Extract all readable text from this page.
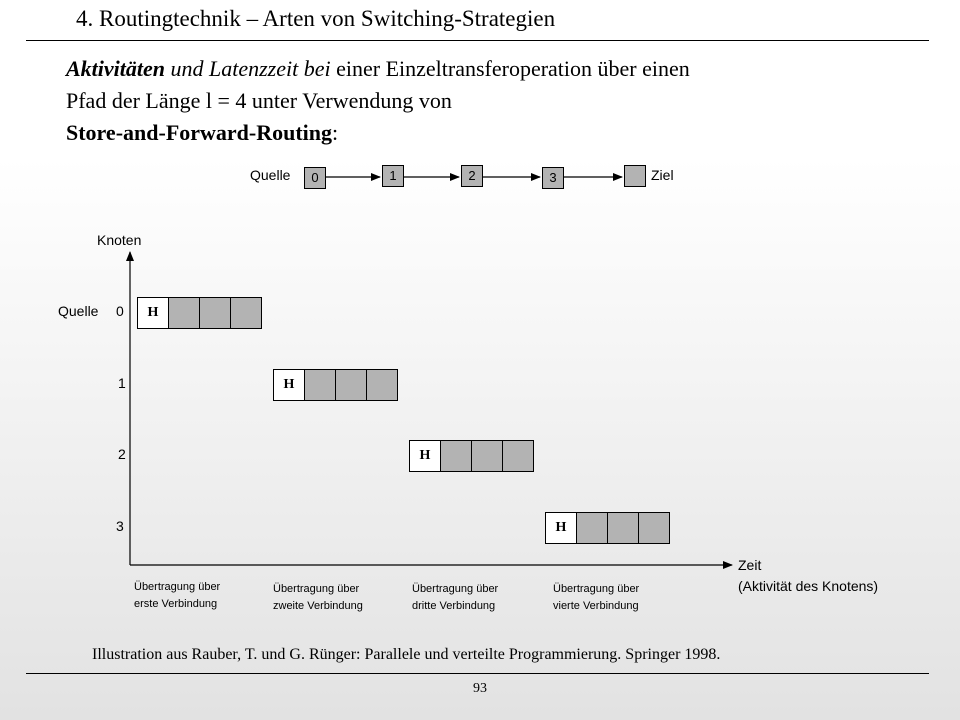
4. Routingtechnik – Arten von Switching-Strategien
Aktivitäten und Latenzzeit bei einer Einzeltransferoperation über einen
Pfad der Länge l = 4 unter Verwendung von
Store-and-Forward-Routing:
Quelle	0	1	2	3	Ziel
Knoten
Zeit
(Aktivität des Knotens)
Quelle 0
1
2
3
H
H
H
H
Übertragung über
erste Verbindung
Übertragung über
zweite Verbindung
Übertragung über
dritte Verbindung
Übertragung über
vierte Verbindung
Illustration aus Rauber, T. und G. Rünger: Parallele und verteilte Programmierung. Springer 1998.
93
